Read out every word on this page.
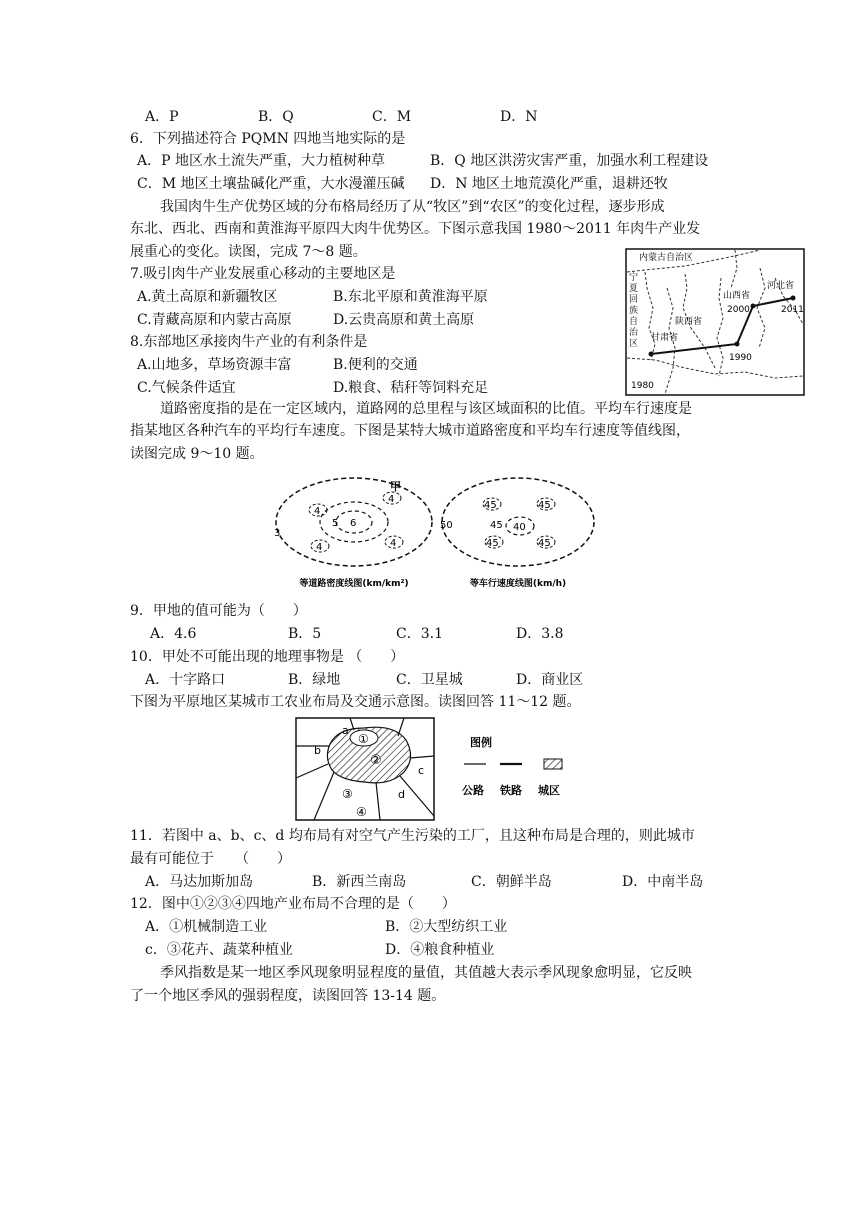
A．P	B．Q	C．M	D．N
6．下列描述符合 PQMN 四地当地实际的是
A．P 地区水土流失严重，大力植树种草	B．Q 地区洪涝灾害严重，加强水利工程建设
C．M 地区土壤盐碱化严重，大水漫灌压碱 D．N 地区土地荒漠化严重，退耕还牧
我国肉牛生产优势区域的分布格局经历了从“牧区”到“农区”的变化过程，逐步形成
东北、西北、西南和黄淮海平原四大肉牛优势区。下图示意我国 1980～2011 年肉牛产业发
展重心的变化。读图，完成 7～8 题。
7.吸引肉牛产业发展重心移动的主要地区是
A.黄土高原和新疆牧区	B.东北平原和黄淮海平原
C.青藏高原和内蒙古高原	D.云贵高原和黄土高原
8.东部地区承接肉牛产业的有利条件是
A.山地多，草场资源丰富	B.便利的交通
C.气候条件适宜	D.粮食、秸秆等饲料充足
内蒙古自治区
山西省
河北省
陕西省
甘肃省
1980
1990
2000	2011
宁夏回族自治区
道路密度指的是在一定区域内，道路网的总里程与该区域面积的比值。平均车行速度是
指某地区各种汽车的平均行车速度。下图是某特大城市道路密度和平均车行速度等值线图，
读图完成 9～10 题。
3
4
4
4	4
5 6
甲
等道路密度线图(km/km²)
50
45	45
45	45
45 40
等车行速度线图(km/h)
9．甲地的值可能为（　　）
A．4.6	B．5	C．3.1	D．3.8
10．甲处不可能出现的地理事物是 （　　）
A．十字路口	B．绿地	C．卫星城	D．商业区
下图为平原地区某城市工农业布局及交通示意图。读图回答 11～12 题。
a
b
c
d
①
②
③
④
图例
公路 铁路 城区
11．若图中 a、b、c、d 均布局有对空气产生污染的工厂，且这种布局是合理的，则此城市
最有可能位于　　（　　）
A．马达加斯加岛	B．新西兰南岛	C．朝鲜半岛	D．中南半岛
12．图中①②③④四地产业布局不合理的是（　　）
A．①机械制造工业	B．②大型纺织工业
c．③花卉、蔬菜种植业	D．④粮食种植业
季风指数是某一地区季风现象明显程度的量值，其值越大表示季风现象愈明显，它反映
了一个地区季风的强弱程度，读图回答 13-14 题。
